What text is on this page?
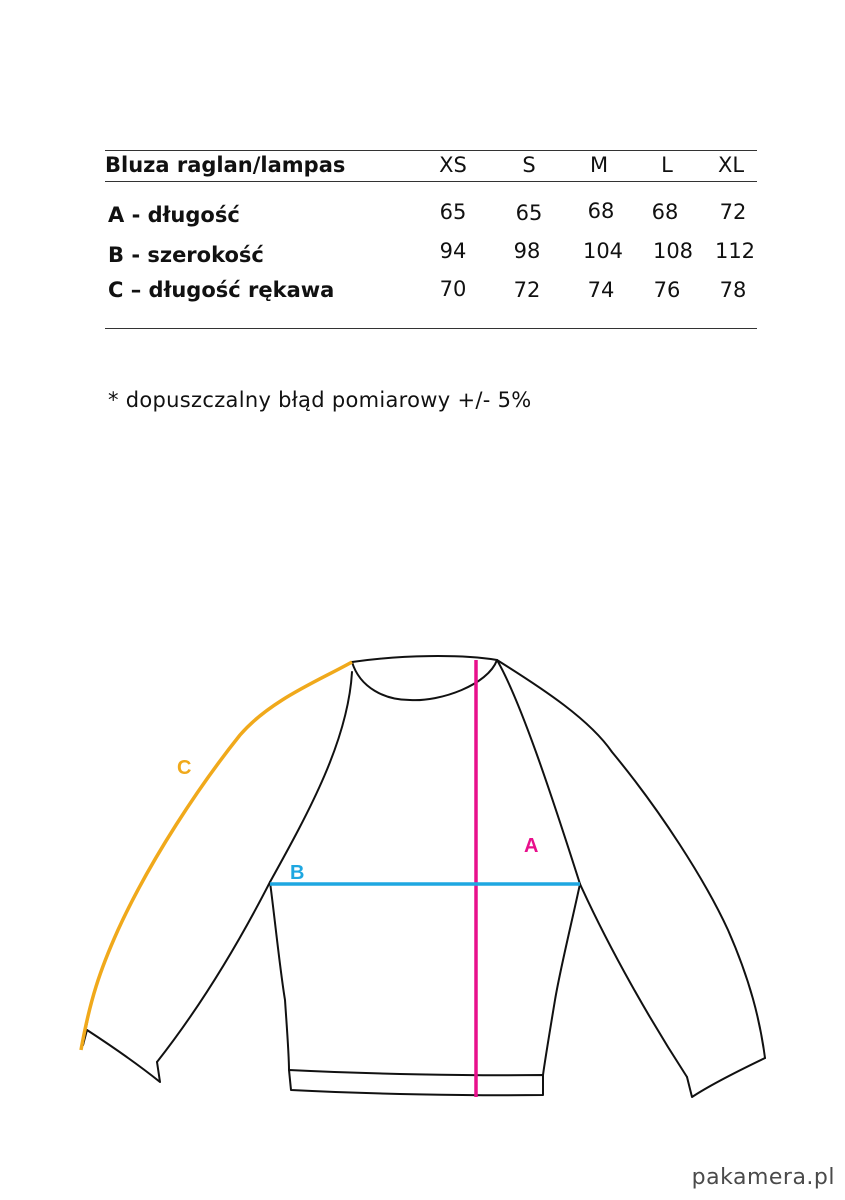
Bluza raglan/lampas	XS	S	M	L	XL
A - długość	65	65	68	68	72
B - szerokość	94	98	104	108	112
C – długość rękawa	70	72	74	76	78
* dopuszczalny błąd pomiarowy +/- 5%
A
B
C
pakamera.pl
